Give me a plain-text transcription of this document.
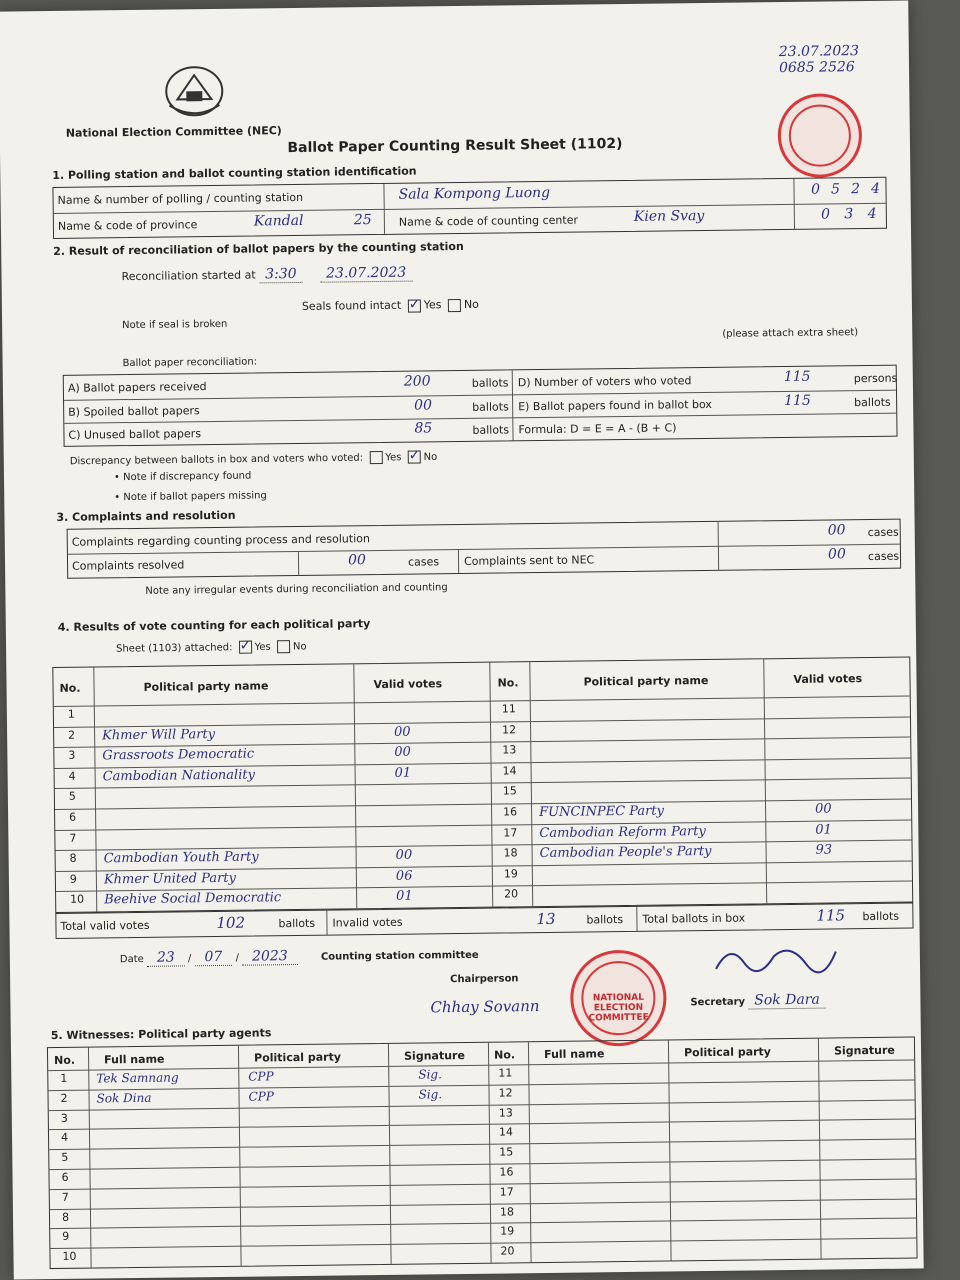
National Election Committee (NEC)
23.07.2023
0685 2526
Ballot Paper Counting Result Sheet (1102)
1. Polling station and ballot counting station identification
Name & number of polling / counting station	Sala Kompong Luong	0 5 2 4
Name & code of province	Kandal	25 Name & code of counting center	Kien Svay	0 3 4
2. Result of reconciliation of ballot papers by the counting station
Reconciliation started at 3:30 23.07.2023
Seals found intact ✓ Yes No
Note if seal is broken
(please attach extra sheet)
Ballot paper reconciliation:
A) Ballot papers received	200	ballots
B) Spoiled ballot papers	00	ballots
C) Unused ballot papers	85	ballots
D) Number of voters who voted	115	persons
E) Ballot papers found in ballot box	115	ballots
Formula: D = E = A - (B + C)
Discrepancy between ballots in box and voters who voted: Yes ✓ No
• Note if discrepancy found
• Note if ballot papers missing
3. Complaints and resolution
Complaints regarding counting process and resolution
00 cases
Complaints resolved	00	cases Complaints sent to NEC	00 cases
Note any irregular events during reconciliation and counting
4. Results of vote counting for each political party
Sheet (1103) attached: ✓ Yes No
No.	Political party name	Valid votes	No.	Political party name	Valid votes
1	11
2 Khmer Will Party	00	12
3 Grassroots Democratic	00	13
4 Cambodian Nationality	01	14
5	15
6	16 FUNCINPEC Party	00
7	17 Cambodian Reform Party	01
8 Cambodian Youth Party	00	18 Cambodian People's Party	93
9 Khmer United Party	06	19
10 Beehive Social Democratic	01	20
Total valid votes	102	ballots Invalid votes	13	ballots Total ballots in box	115 ballots
Date 23 / 07 / 2023	Counting station committee
Chairperson
Chhay Sovann	Secretary Sok Dara
NATIONAL ELECTION COMMITTEE
5. Witnesses: Political party agents
No.	Full name	Political party	Signature	No.	Full name	Political party	Signature
1 Tek Samnang	CPP	Sig.	11
2 Sok Dina	CPP	Sig.	12
3	13
4	14
5	15
6	16
7	17
8	18
9	19
10	20
